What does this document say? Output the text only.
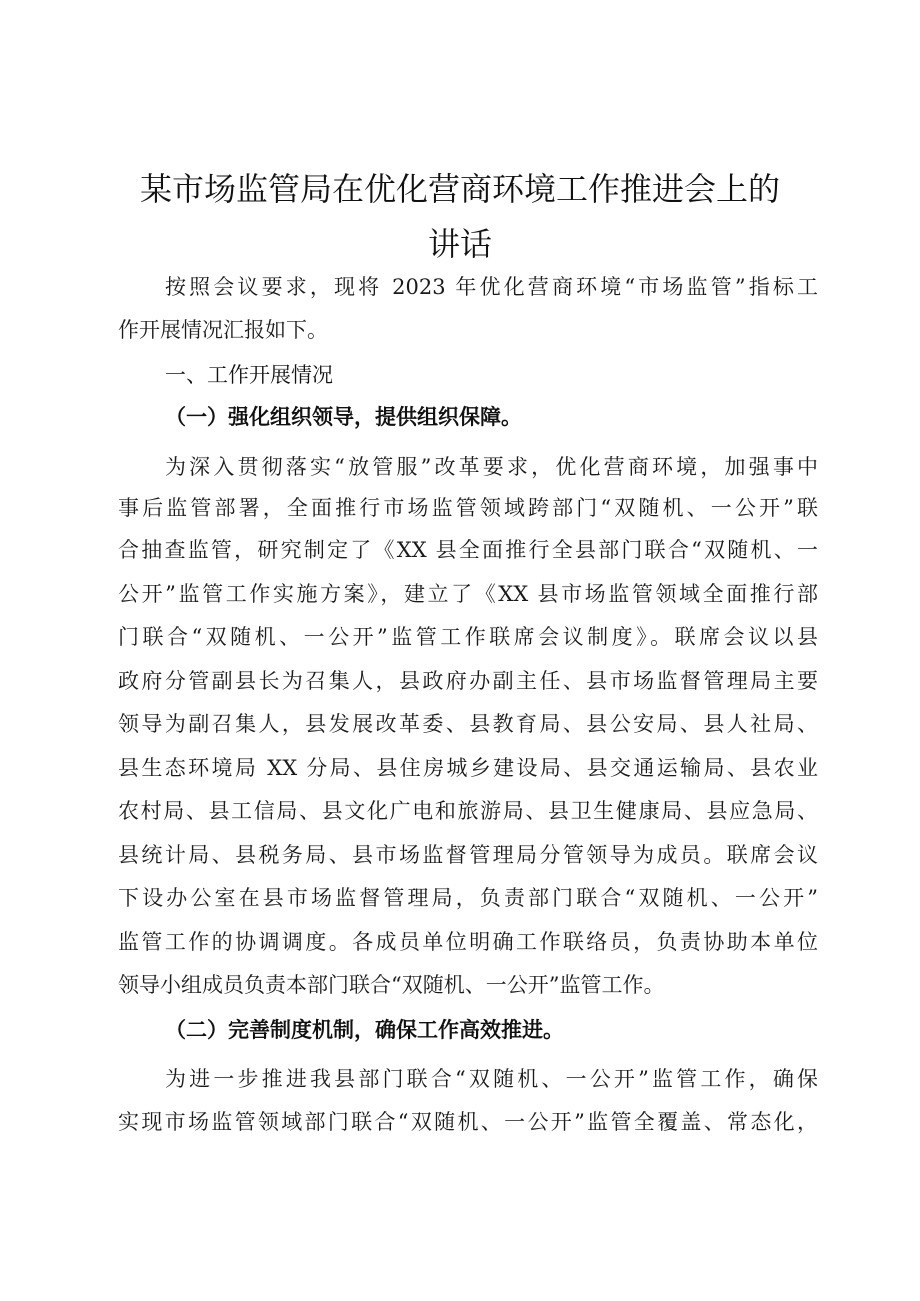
某市场监管局在优化营商环境工作推进会上的
讲话
按照会议要求，现将 2023 年优化营商环境“市场监管”指标工
作开展情况汇报如下。
一、工作开展情况
（一）强化组织领导，提供组织保障。
为深入贯彻落实“放管服”改革要求，优化营商环境，加强事中
事后监管部署，全面推行市场监管领域跨部门“双随机、一公开”联
合抽查监管，研究制定了《XX 县全面推行全县部门联合“双随机、一
公开”监管工作实施方案》，建立了《XX 县市场监管领域全面推行部
门联合“双随机、一公开”监管工作联席会议制度》。联席会议以县
政府分管副县长为召集人，县政府办副主任、县市场监督管理局主要
领导为副召集人，县发展改革委、县教育局、县公安局、县人社局、
县生态环境局 XX 分局、县住房城乡建设局、县交通运输局、县农业
农村局、县工信局、县文化广电和旅游局、县卫生健康局、县应急局、
县统计局、县税务局、县市场监督管理局分管领导为成员。联席会议
下设办公室在县市场监督管理局，负责部门联合“双随机、一公开”
监管工作的协调调度。各成员单位明确工作联络员，负责协助本单位
领导小组成员负责本部门联合“双随机、一公开”监管工作。
（二）完善制度机制，确保工作高效推进。
为进一步推进我县部门联合“双随机、一公开”监管工作，确保
实现市场监管领域部门联合“双随机、一公开”监管全覆盖、常态化，
